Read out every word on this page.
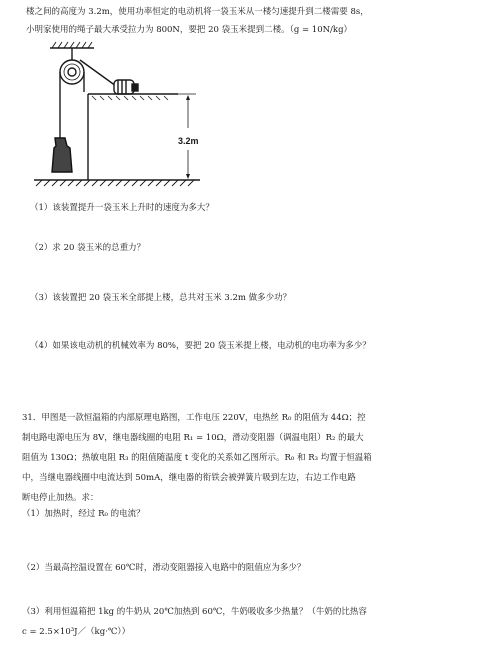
楼之间的高度为 3.2m，使用功率恒定的电动机将一袋玉米从一楼匀速提升到二楼需要 8s，
小明家使用的绳子最大承受拉力为 800N，要把 20 袋玉米提到二楼。（g = 10N/kg）
3.2m
（1）该装置提升一袋玉米上升时的速度为多大？
（2）求 20 袋玉米的总重力？
（3）该装置把 20 袋玉米全部提上楼，总共对玉米 3.2m 做多少功？
（4）如果该电动机的机械效率为 80%，要把 20 袋玉米提上楼，电动机的电功率为多少？
31．甲图是一款恒温箱的内部原理电路图，工作电压 220V，电热丝 R₀ 的阻值为 44Ω；控
制电路电源电压为 8V，继电器线圈的电阻 R₁ = 10Ω，滑动变阻器（调温电阻）R₂ 的最大
阻值为 130Ω；热敏电阻 R₃ 的阻值随温度 t 变化的关系如乙图所示。R₀ 和 R₃ 均置于恒温箱
中，当继电器线圈中电流达到 50mA，继电器的衔铁会被弹簧片吸到左边，右边工作电路
断电停止加热。求：
（1）加热时，经过 R₀ 的电流？
（2）当最高控温设置在 60℃时，滑动变阻器接入电路中的阻值应为多少？
（3）利用恒温箱把 1kg 的牛奶从 20℃加热到 60℃，牛奶吸收多少热量？（牛奶的比热容
c = 2.5×10³J／（kg·℃））
